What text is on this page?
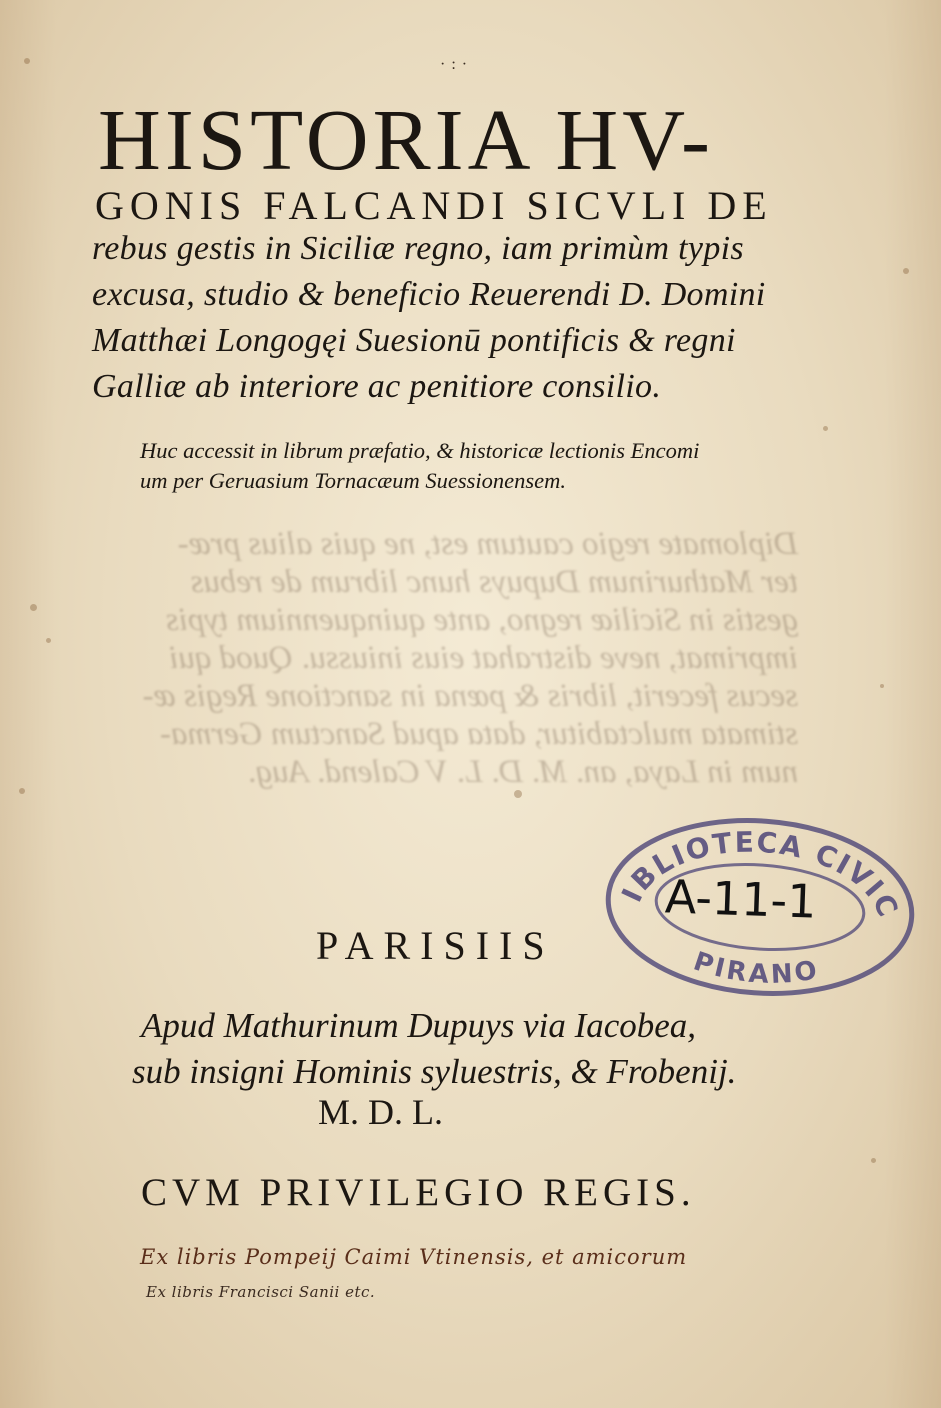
·:·
HISTORIA HV-
GONIS FALCANDI SICVLI DE
rebus gestis in Siciliæ regno, iam primùm typis
excusa, studio & beneficio Reuerendi D. Domini
Matthæi Longogęi Suesionū pontificis & regni
Galliæ ab interiore ac penitiore consilio.
Huc accessit in librum præfatio, & historicæ lectionis Encomi
um per Geruasium Tornacæum Suessionensem.
Diplomate regio cautum est, ne quis alius præ-
ter Mathurinum Dupuys hunc librum de rebus
gestis in Siciliæ regno, ante quinquennium typis
imprimat, neve distrahat eius iniussu. Quod qui
secus fecerit, libris & pœna in sanctione Regis æ-
stimata mulctabitur, data apud Sanctum Germa-
num in Laya, an. M. D. L. V Calend. Aug.
BIBLIOTECA CIVICA
PIRANO
A-11-1
PARISIIS
Apud Mathurinum Dupuys via Iacobea,
sub insigni Hominis syluestris, & Frobenij.
M. D. L.
CVM PRIVILEGIO REGIS.
Ex libris Pompeij Caimi Vtinensis, et amicorum
Ex libris Francisci Sanii etc.
